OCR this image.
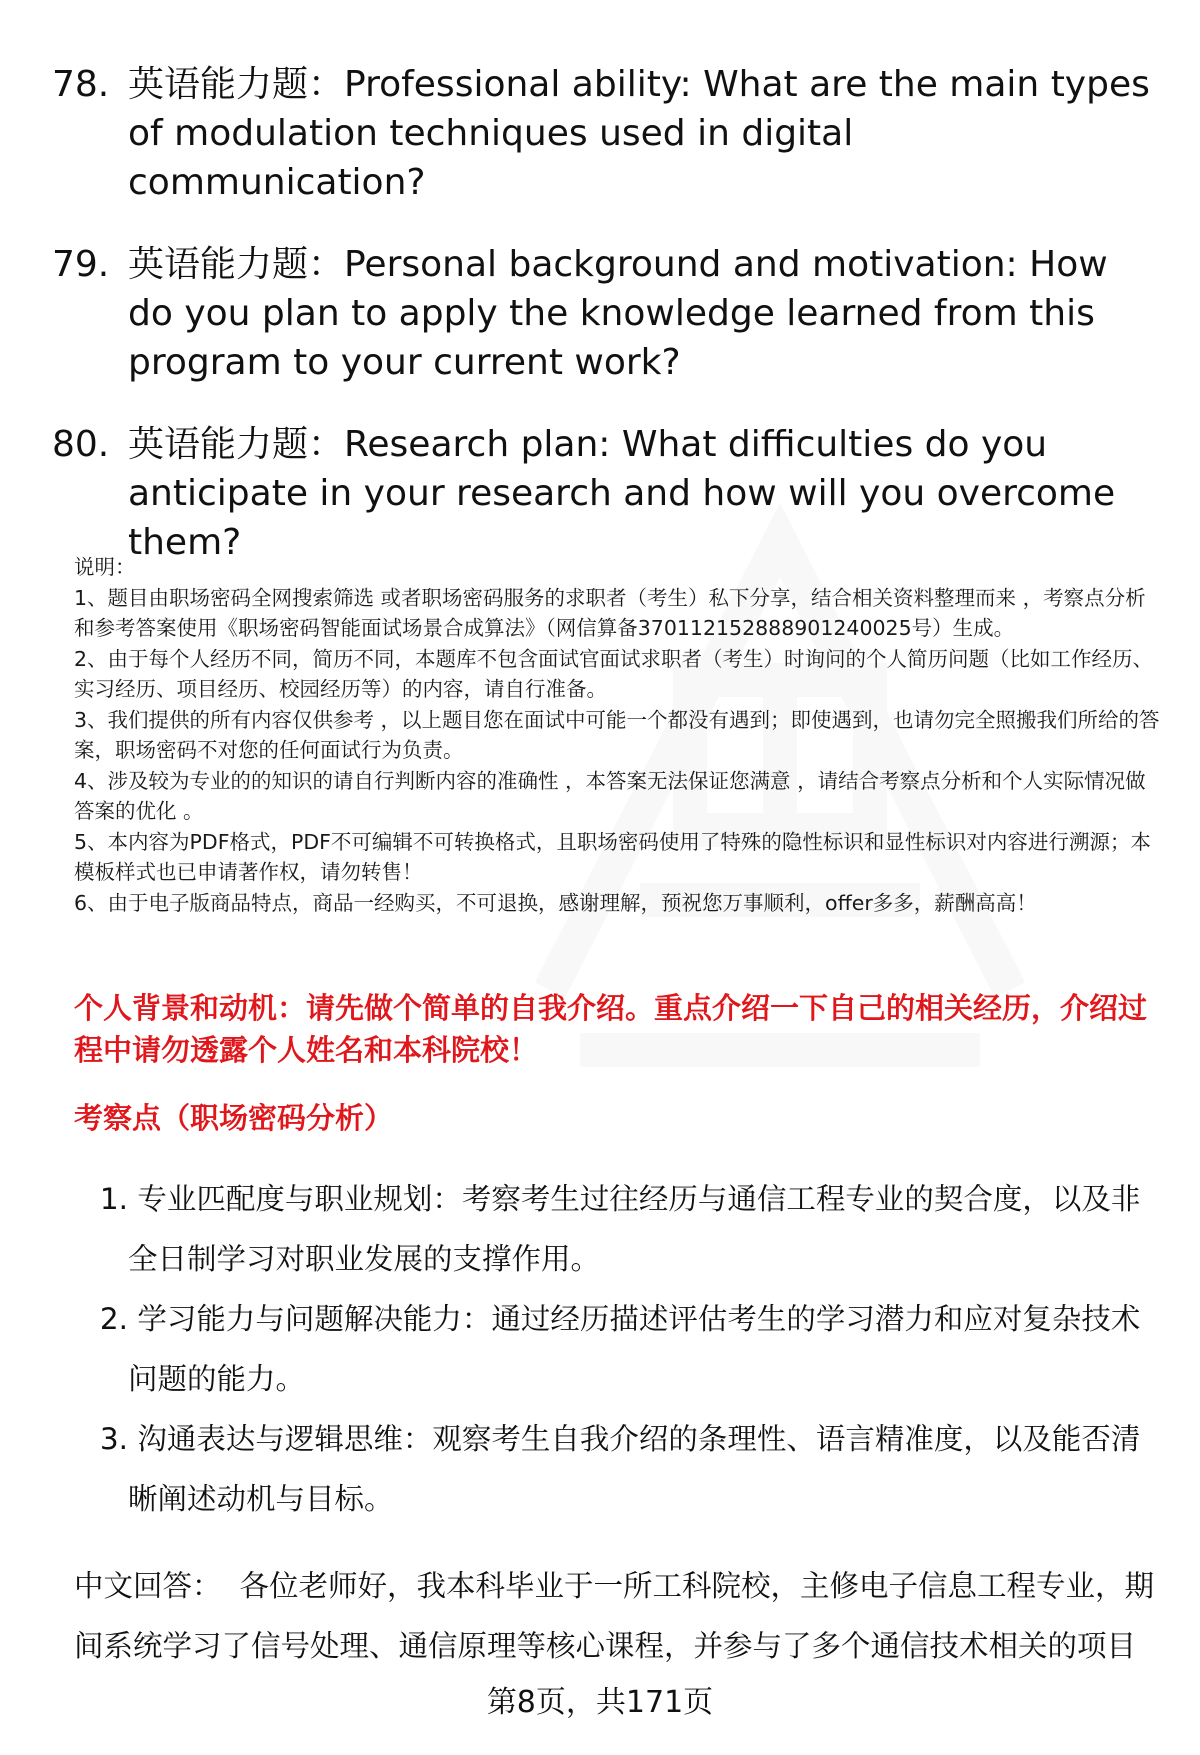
78. 英语能力题：Professional ability: What are the main types of modulation techniques used in digital communication?
79. 英语能力题：Personal background and motivation: How do you plan to apply the knowledge learned from this program to your current work?
80. 英语能力题：Research plan: What difficulties do you anticipate in your research and how will you overcome them?

说明：

1、题目由职场密码全网搜索筛选 或者职场密码服务的求职者（考生）私下分享，结合相关资料整理而来 ，考察点分析和参考答案使用《职场密码智能面试场景合成算法》（网信算备370112152888901240025号）生成。

2、由于每个人经历不同，简历不同，本题库不包含面试官面试求职者（考生）时询问的个人简历问题（比如工作经历、实习经历、项目经历、校园经历等）的内容，请自行准备。

3、我们提供的所有内容仅供参考 ，以上题目您在面试中可能一个都没有遇到；即使遇到，也请勿完全照搬我们所给的答案，职场密码不对您的任何面试行为负责。

4、涉及较为专业的的知识的请自行判断内容的准确性 ，本答案无法保证您满意 ，请结合考察点分析和个人实际情况做答案的优化 。

5、本内容为PDF格式，PDF不可编辑不可转换格式，且职场密码使用了特殊的隐性标识和显性标识对内容进行溯源；本模板样式也已申请著作权，请勿转售！

6、由于电子版商品特点，商品一经购买，不可退换，感谢理解，预祝您万事顺利，offer多多，薪酬高高！

个人背景和动机：请先做个简单的自我介绍。重点介绍一下自己的相关经历，介绍过程中请勿透露个人姓名和本科院校！
考察点（职场密码分析）
1. 专业匹配度与职业规划：考察考生过往经历与通信工程专业的契合度，以及非全日制学习对职业发展的支撑作用。
2. 学习能力与问题解决能力：通过经历描述评估考生的学习潜力和应对复杂技术问题的能力。
3. 沟通表达与逻辑思维：观察考生自我介绍的条理性、语言精准度，以及能否清晰阐述动机与目标。
中文回答： 各位老师好，我本科毕业于一所工科院校，主修电子信息工程专业，期间系统学习了信号处理、通信原理等核心课程，并参与了多个通信技术相关的项目
第8页，共171页
